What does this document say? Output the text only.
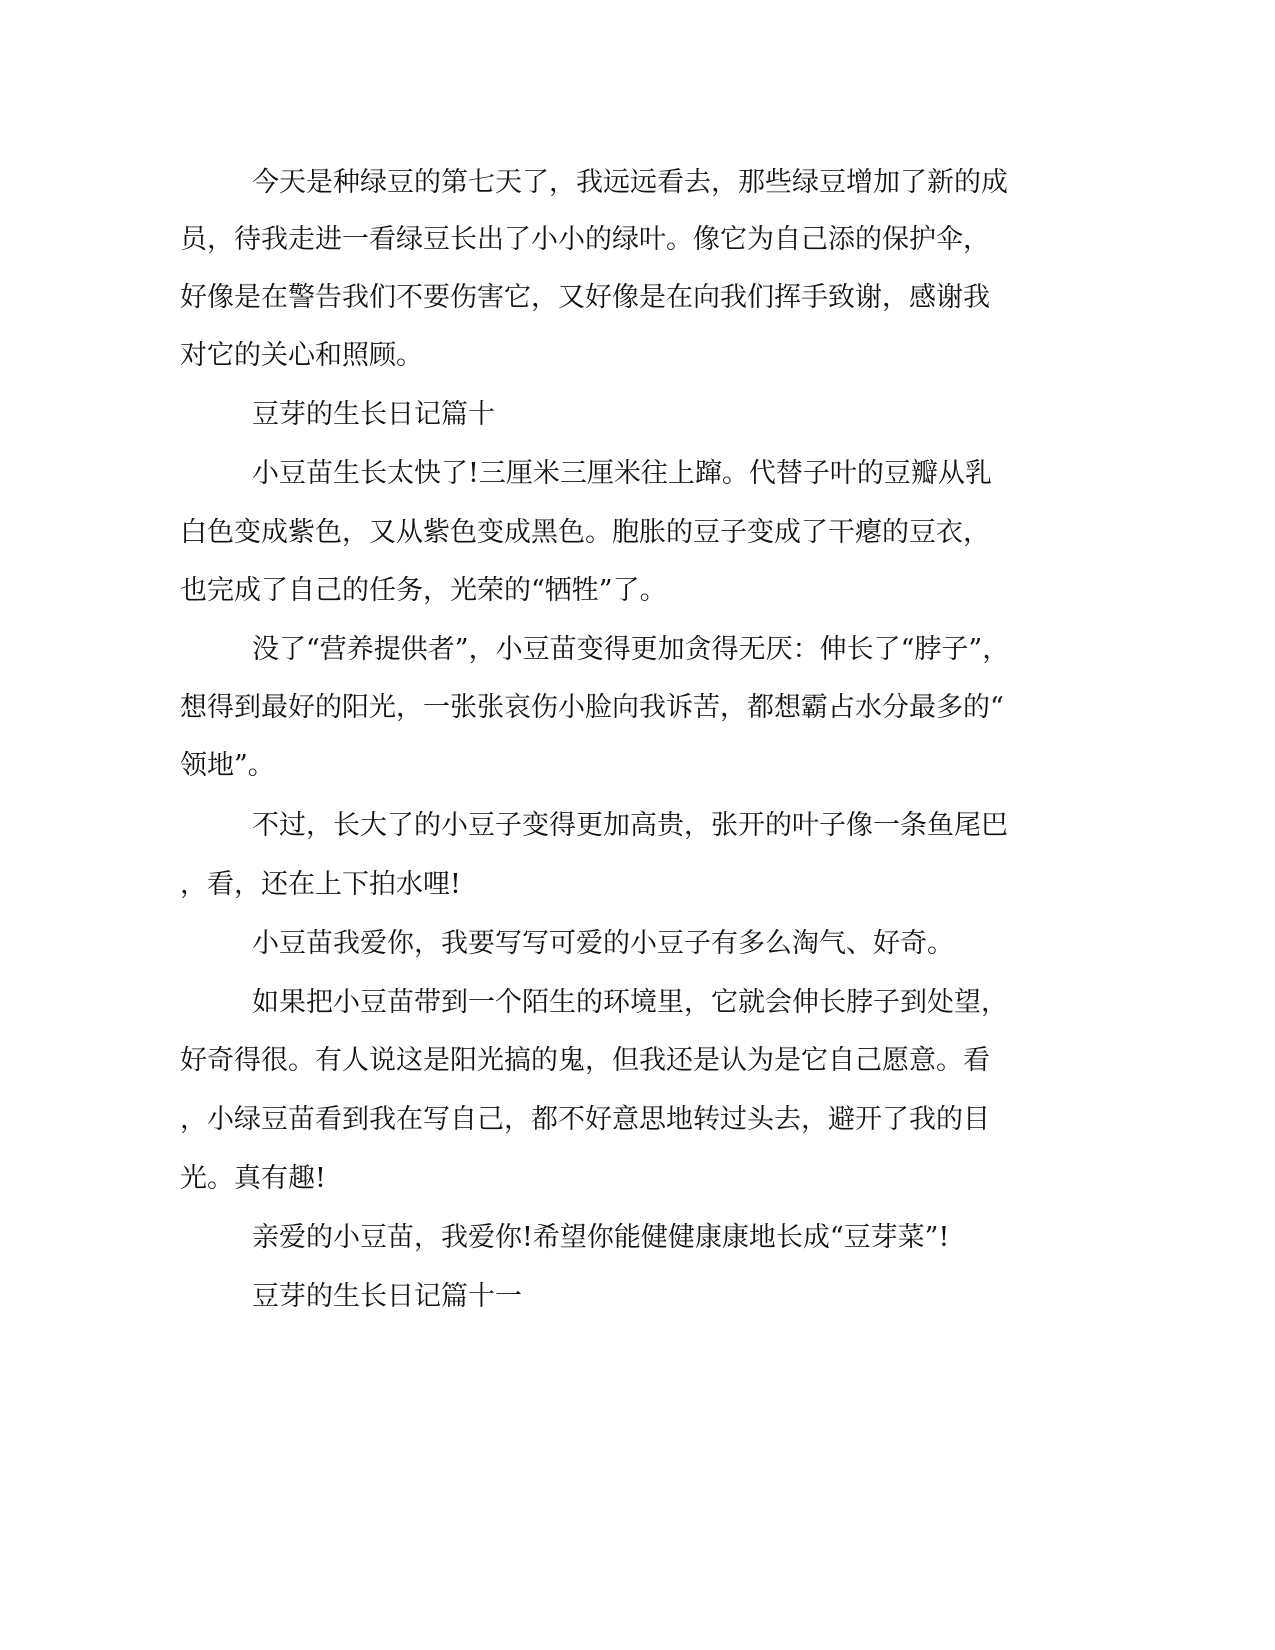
今天是种绿豆的第七天了，我远远看去，那些绿豆增加了新的成
员，待我走进一看绿豆长出了小小的绿叶。像它为自己添的保护伞，
好像是在警告我们不要伤害它，又好像是在向我们挥手致谢，感谢我
对它的关心和照顾。
豆芽的生长日记篇十
小豆苗生长太快了!三厘米三厘米往上蹿。代替子叶的豆瓣从乳
白色变成紫色，又从紫色变成黑色。胞胀的豆子变成了干瘪的豆衣，
也完成了自己的任务，光荣的“牺牲”了。
没了“营养提供者”，小豆苗变得更加贪得无厌：伸长了“脖子”，
想得到最好的阳光，一张张哀伤小脸向我诉苦，都想霸占水分最多的“
领地”。
不过，长大了的小豆子变得更加高贵，张开的叶子像一条鱼尾巴
，看，还在上下拍水哩!
小豆苗我爱你，我要写写可爱的小豆子有多么淘气、好奇。
如果把小豆苗带到一个陌生的环境里，它就会伸长脖子到处望，
好奇得很。有人说这是阳光搞的鬼，但我还是认为是它自己愿意。看
，小绿豆苗看到我在写自己，都不好意思地转过头去，避开了我的目
光。真有趣!
亲爱的小豆苗，我爱你!希望你能健健康康地长成“豆芽菜”!
豆芽的生长日记篇十一
